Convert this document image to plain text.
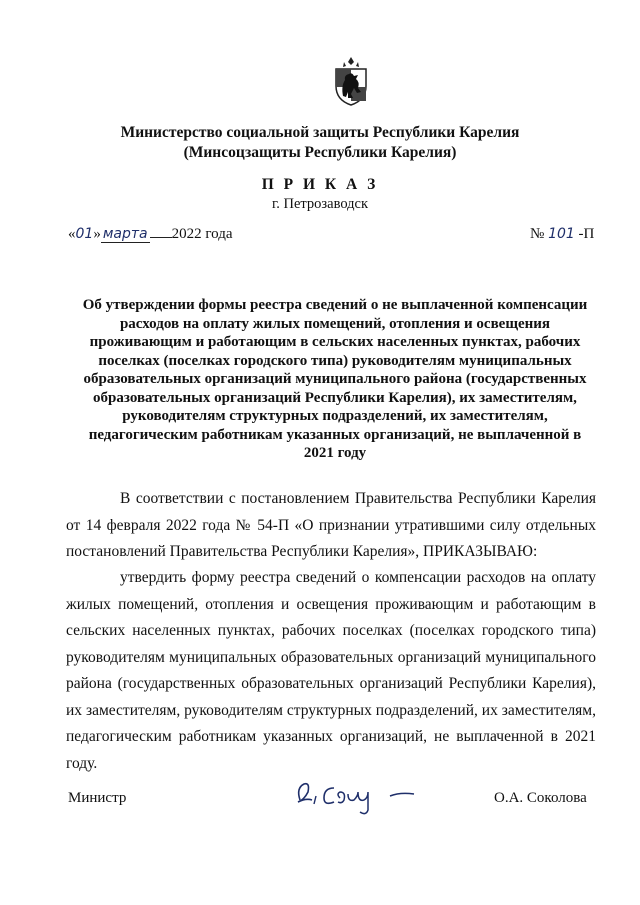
Министерство социальной защиты Республики Карелия
(Минсоцзащиты Республики Карелия)
П Р И К А З
г. Петрозаводск
«01» марта 2022 года	№ 101 -П
Об утверждении формы реестра сведений о не выплаченной компенсации расходов на оплату жилых помещений, отопления и освещения проживающим и работающим в сельских населенных пунктах, рабочих поселках (поселках городского типа) руководителям муниципальных образовательных организаций муниципального района (государственных образовательных организаций Республики Карелия), их заместителям, руководителям структурных подразделений, их заместителям, педагогическим работникам указанных организаций, не выплаченной в 2021 году
В соответствии с постановлением Правительства Республики Карелия от 14 февраля 2022 года № 54-П «О признании утратившими силу отдельных постановлений Правительства Республики Карелия», ПРИКАЗЫВАЮ:
утвердить форму реестра сведений о компенсации расходов на оплату жилых помещений, отопления и освещения проживающим и работающим в сельских населенных пунктах, рабочих поселках (поселках городского типа) руководителям муниципальных образовательных организаций муниципального района (государственных образовательных организаций Республики Карелия), их заместителям, руководителям структурных подразделений, их заместителям, педагогическим работникам указанных организаций, не выплаченной в 2021 году.
Министр	О.А. Соколова
